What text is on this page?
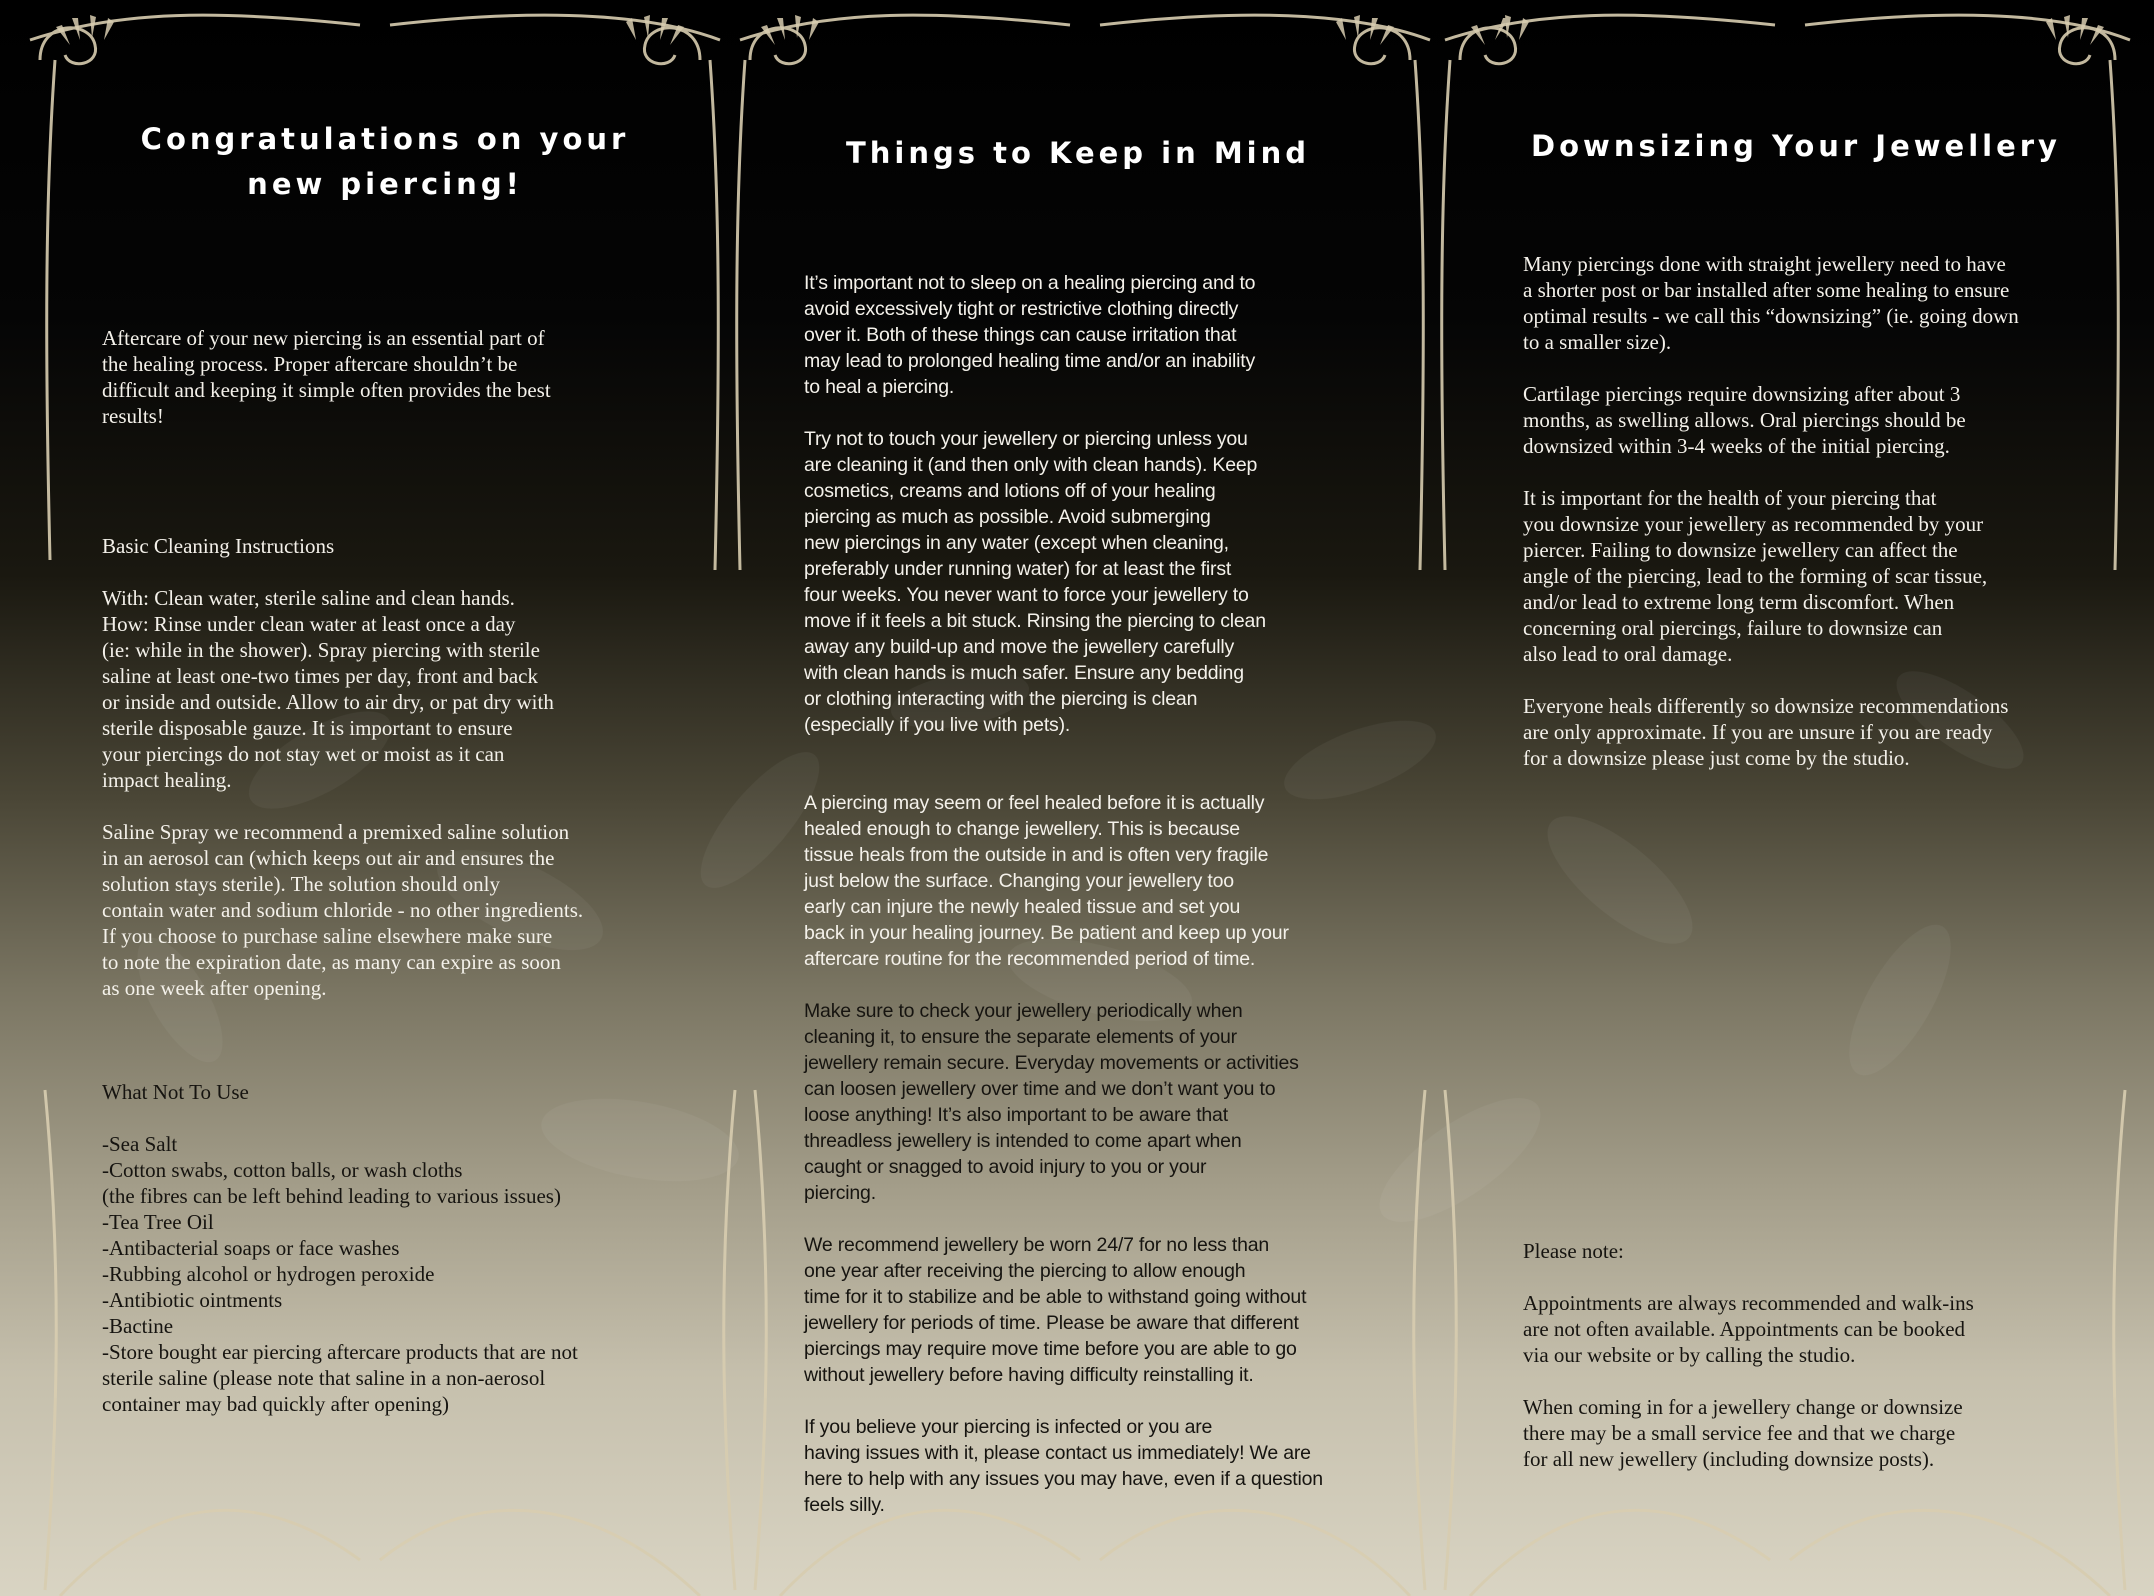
Congratulations on your
new piercing!

Aftercare of your new piercing is an essential part of
the healing process. Proper aftercare shouldn’t be
difficult and keeping it simple often provides the best
results!

Basic Cleaning Instructions

With: Clean water, sterile saline and clean hands.
How: Rinse under clean water at least once a day
(ie: while in the shower). Spray piercing with sterile
saline at least one-two times per day, front and back
or inside and outside. Allow to air dry, or pat dry with
sterile disposable gauze. It is important to ensure
your piercings do not stay wet or moist as it can
impact healing.

Saline Spray we recommend a premixed saline solution
in an aerosol can (which keeps out air and ensures the
solution stays sterile). The solution should only
contain water and sodium chloride - no other ingredients.
If you choose to purchase saline elsewhere make sure
to note the expiration date, as many can expire as soon
as one week after opening.

What Not To Use

-Sea Salt
-Cotton swabs, cotton balls, or wash cloths
(the fibres can be left behind leading to various issues)
-Tea Tree Oil
-Antibacterial soaps or face washes
-Rubbing alcohol or hydrogen peroxide
-Antibiotic ointments
-Bactine
-Store bought ear piercing aftercare products that are not
sterile saline (please note that saline in a non-aerosol
container may bad quickly after opening)

Things to Keep in Mind

It’s important not to sleep on a healing piercing and to
avoid excessively tight or restrictive clothing directly
over it. Both of these things can cause irritation that
may lead to prolonged healing time and/or an inability
to heal a piercing.

Try not to touch your jewellery or piercing unless you
are cleaning it (and then only with clean hands). Keep
cosmetics, creams and lotions off of your healing
piercing as much as possible. Avoid submerging
new piercings in any water (except when cleaning,
preferably under running water) for at least the first
four weeks. You never want to force your jewellery to
move if it feels a bit stuck. Rinsing the piercing to clean
away any build-up and move the jewellery carefully
with clean hands is much safer. Ensure any bedding
or clothing interacting with the piercing is clean
(especially if you live with pets).

A piercing may seem or feel healed before it is actually
healed enough to change jewellery. This is because
tissue heals from the outside in and is often very fragile
just below the surface. Changing your jewellery too
early can injure the newly healed tissue and set you
back in your healing journey. Be patient and keep up your
aftercare routine for the recommended period of time.

Make sure to check your jewellery periodically when
cleaning it, to ensure the separate elements of your
jewellery remain secure. Everyday movements or activities
can loosen jewellery over time and we don’t want you to
loose anything! It’s also important to be aware that
threadless jewellery is intended to come apart when
caught or snagged to avoid injury to you or your
piercing.

We recommend jewellery be worn 24/7 for no less than
one year after receiving the piercing to allow enough
time for it to stabilize and be able to withstand going without
jewellery for periods of time. Please be aware that different
piercings may require move time before you are able to go
without jewellery before having difficulty reinstalling it.

If you believe your piercing is infected or you are
having issues with it, please contact us immediately! We are
here to help with any issues you may have, even if a question
feels silly.

Downsizing Your Jewellery

Many piercings done with straight jewellery need to have
a shorter post or bar installed after some healing to ensure
optimal results - we call this “downsizing” (ie. going down
to a smaller size).

Cartilage piercings require downsizing after about 3
months, as swelling allows. Oral piercings should be
downsized within 3-4 weeks of the initial piercing.

It is important for the health of your piercing that
you downsize your jewellery as recommended by your
piercer. Failing to downsize jewellery can affect the
angle of the piercing, lead to the forming of scar tissue,
and/or lead to extreme long term discomfort. When
concerning oral piercings, failure to downsize can
also lead to oral damage.

Everyone heals differently so downsize recommendations
are only approximate. If you are unsure if you are ready
for a downsize please just come by the studio.

Please note:

Appointments are always recommended and walk-ins
are not often available. Appointments can be booked
via our website or by calling the studio.

When coming in for a jewellery change or downsize
there may be a small service fee and that we charge
for all new jewellery (including downsize posts).
